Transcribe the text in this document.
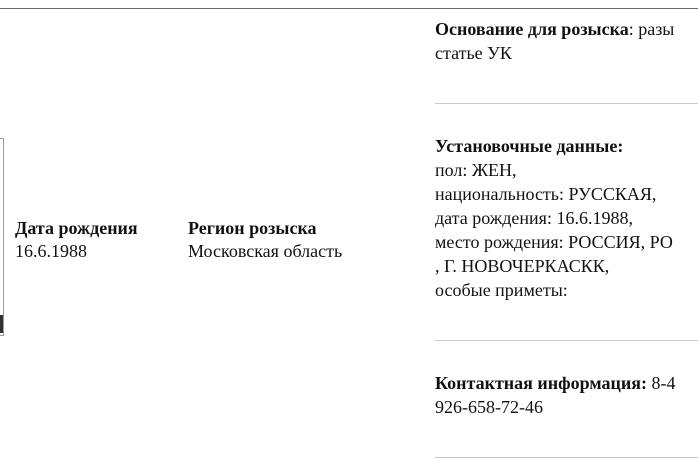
Дата рождения
16.6.1988
Регион розыска
Московская область
Основание для розыска: разы
статье УК
Установочные данные:
пол: ЖЕН,
национальность: РУССКАЯ,
дата рождения: 16.6.1988,
место рождения: РОССИЯ, РО
, Г. НОВОЧЕРКАСКК,
особые приметы:
Контактная информация: 8-4
926-658-72-46
